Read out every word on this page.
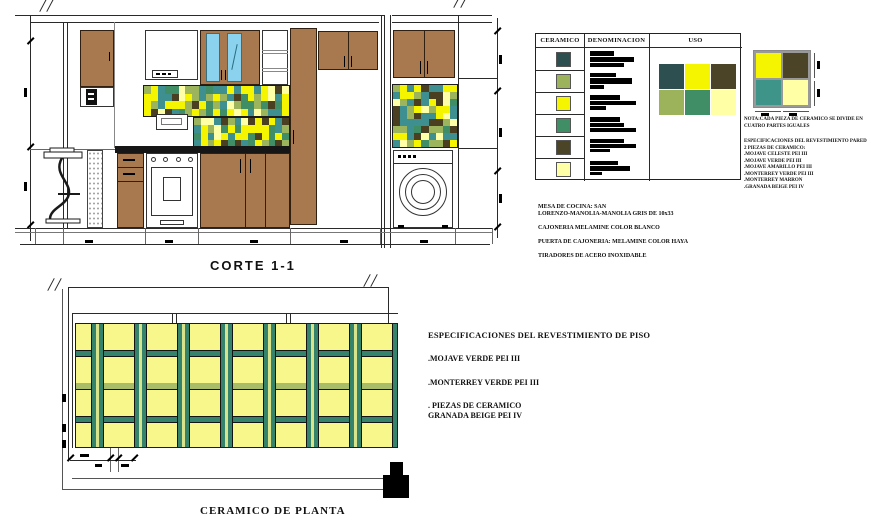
CORTE 1-1
CERAMICO	DENOMINACION	USO
NOTA:CADA PIEZA DE CERAMICO SE DIVIDE EN CUATRO PARTES IGUALES
ESPECIFICACIONES DEL REVESTIMIENTO PARED
2 PIEZAS DE CERAMICO:
.MOJAVE CELESTE PEI III
.MOJAVE VERDE PEI III
.MOJAVE AMARILLO PEI III
.MONTERREY VERDE PEI III
.MONTERREY MARRON
.GRANADA BEIGE PEI IV
MESA DE COCINA: SAN
LORENZO-MANOLIA-MANOLIA GRIS DE 10x33
CAJONERIA MELAMINE COLOR BLANCO
PUERTA DE CAJONERIA: MELAMINE COLOR HAYA
TIRADORES DE ACERO INOXIDABLE
CERAMICO DE PLANTA
ESPECIFICACIONES DEL REVESTIMIENTO DE PISO
.MOJAVE VERDE PEI III
.MONTERREY VERDE PEI III
. PIEZAS DE CERAMICO
GRANADA BEIGE PEI IV
